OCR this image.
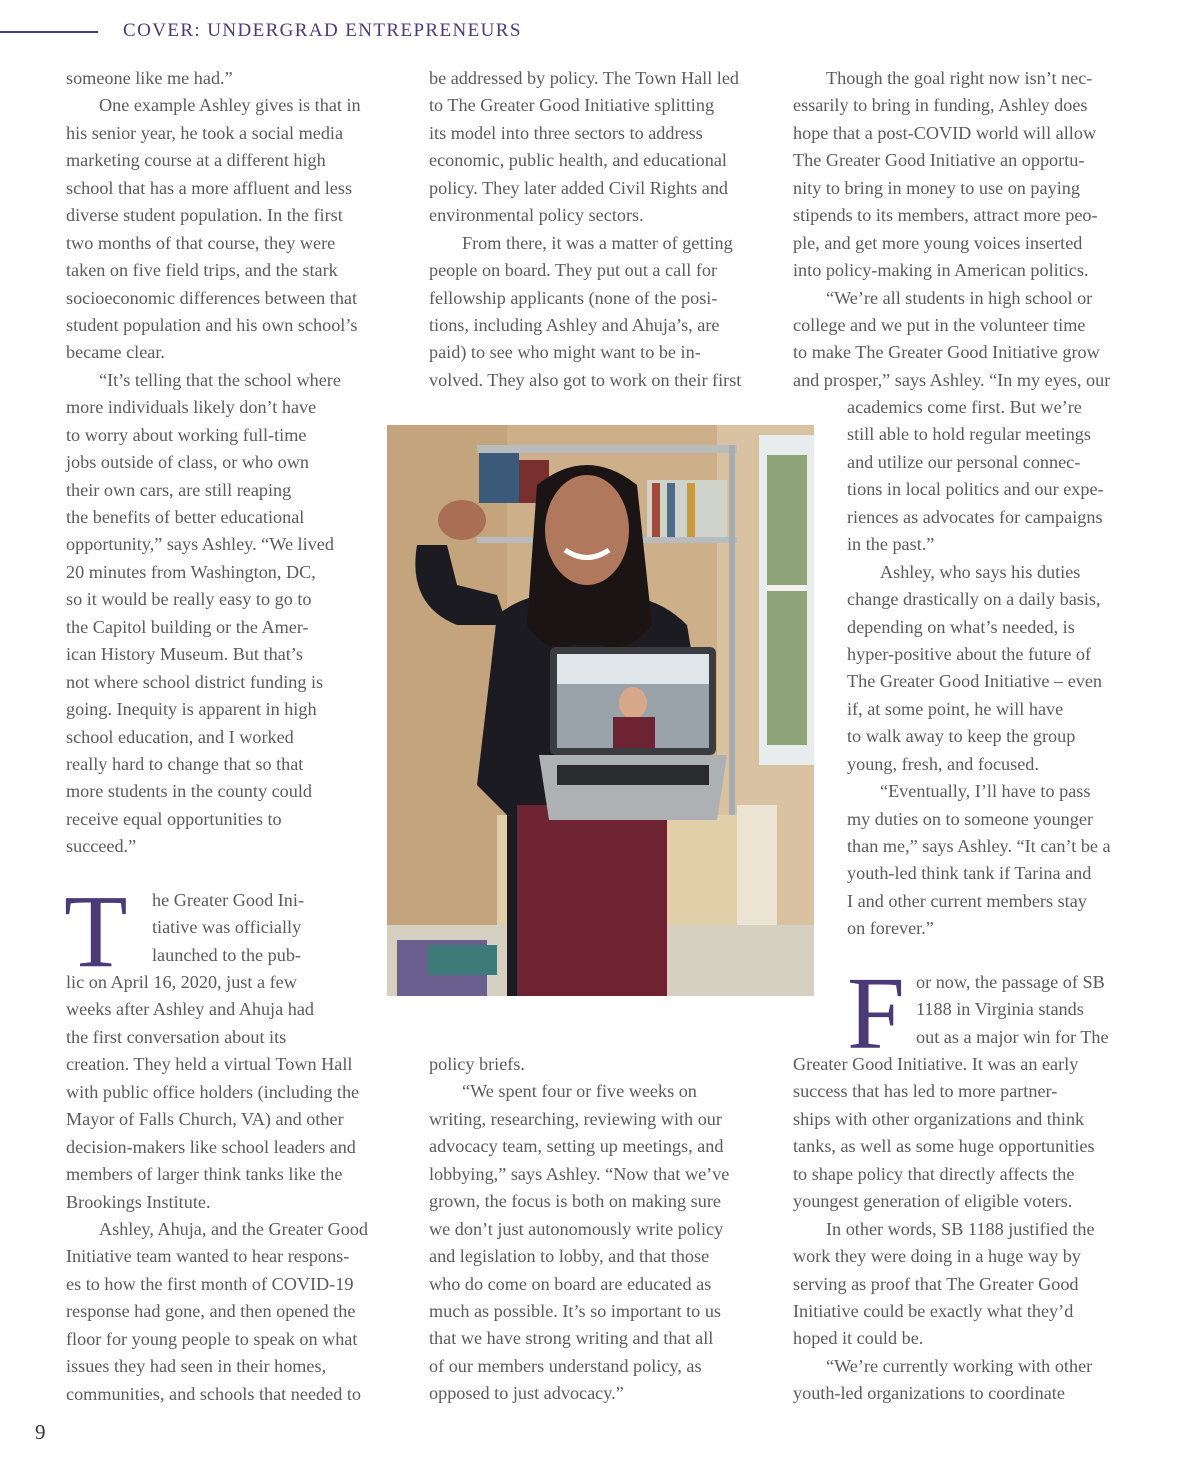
COVER: UNDERGRAD ENTREPRENEURS
someone like me had.”
One example Ashley gives is that in
his senior year, he took a social media
marketing course at a different high
school that has a more affluent and less
diverse student population. In the first
two months of that course, they were
taken on five field trips, and the stark
socioeconomic differences between that
student population and his own school’s
became clear.
“It’s telling that the school where
more individuals likely don’t have
to worry about working full-time
jobs outside of class, or who own
their own cars, are still reaping
the benefits of better educational
opportunity,” says Ashley. “We lived
20 minutes from Washington, DC,
so it would be really easy to go to
the Capitol building or the Amer-
ican History Museum. But that’s
not where school district funding is
going. Inequity is apparent in high
school education, and I worked
really hard to change that so that
more students in the county could
receive equal opportunities to
succeed.”
T he Greater Good Ini-
tiative was officially
launched to the pub-
lic on April 16, 2020, just a few
weeks after Ashley and Ahuja had
the first conversation about its
creation. They held a virtual Town Hall
with public office holders (including the
Mayor of Falls Church, VA) and other
decision-makers like school leaders and
members of larger think tanks like the
Brookings Institute.
Ashley, Ahuja, and the Greater Good
Initiative team wanted to hear respons-
es to how the first month of COVID-19
response had gone, and then opened the
floor for young people to speak on what
issues they had seen in their homes,
communities, and schools that needed to
be addressed by policy. The Town Hall led
to The Greater Good Initiative splitting
its model into three sectors to address
economic, public health, and educational
policy. They later added Civil Rights and
environmental policy sectors.
From there, it was a matter of getting
people on board. They put out a call for
fellowship applicants (none of the posi-
tions, including Ashley and Ahuja’s, are
paid) to see who might want to be in-
volved. They also got to work on their first
policy briefs.
“We spent four or five weeks on
writing, researching, reviewing with our
advocacy team, setting up meetings, and
lobbying,” says Ashley. “Now that we’ve
grown, the focus is both on making sure
we don’t just autonomously write policy
and legislation to lobby, and that those
who do come on board are educated as
much as possible. It’s so important to us
that we have strong writing and that all
of our members understand policy, as
opposed to just advocacy.”
Though the goal right now isn’t nec-
essarily to bring in funding, Ashley does
hope that a post-COVID world will allow
The Greater Good Initiative an opportu-
nity to bring in money to use on paying
stipends to its members, attract more peo-
ple, and get more young voices inserted
into policy-making in American politics.
“We’re all students in high school or
college and we put in the volunteer time
to make The Greater Good Initiative grow
and prosper,” says Ashley. “In my eyes, our
academics come first. But we’re
still able to hold regular meetings
and utilize our personal connec-
tions in local politics and our expe-
riences as advocates for campaigns
in the past.”
Ashley, who says his duties
change drastically on a daily basis,
depending on what’s needed, is
hyper-positive about the future of
The Greater Good Initiative – even
if, at some point, he will have
to walk away to keep the group
young, fresh, and focused.
“Eventually, I’ll have to pass
my duties on to someone younger
than me,” says Ashley. “It can’t be a
youth-led think tank if Tarina and
I and other current members stay
on forever.”
F or now, the passage of SB
1188 in Virginia stands
out as a major win for The
Greater Good Initiative. It was an early
success that has led to more partner-
ships with other organizations and think
tanks, as well as some huge opportunities
to shape policy that directly affects the
youngest generation of eligible voters.
In other words, SB 1188 justified the
work they were doing in a huge way by
serving as proof that The Greater Good
Initiative could be exactly what they’d
hoped it could be.
“We’re currently working with other
youth-led organizations to coordinate
9
